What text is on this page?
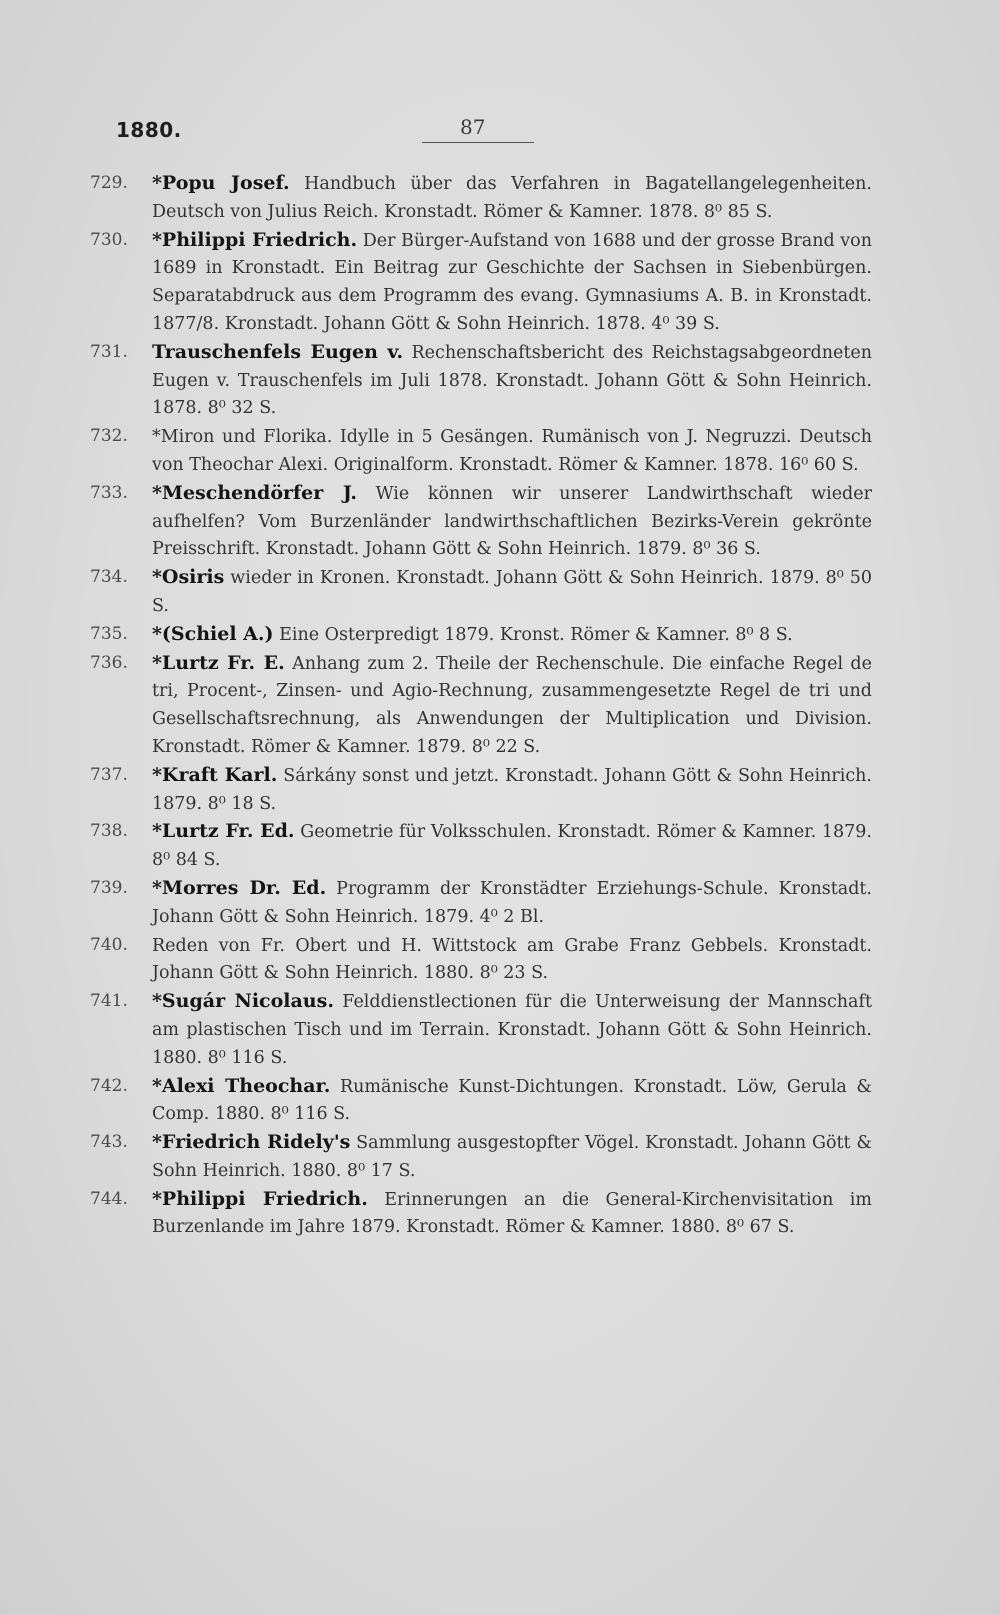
1880.	87
729.	*Popu Josef. Handbuch über das Verfahren in Bagatellangelegenheiten. Deutsch von Julius Reich. Kronstadt. Römer & Kamner. 1878. 8⁰ 85 S.
730.	*Philippi Friedrich. Der Bürger-Aufstand von 1688 und der grosse Brand von 1689 in Kronstadt. Ein Beitrag zur Geschichte der Sachsen in Siebenbürgen. Separatabdruck aus dem Programm des evang. Gymnasiums A. B. in Kronstadt. 1877/8. Kronstadt. Johann Gött & Sohn Heinrich. 1878. 4⁰ 39 S.
731.	Trauschenfels Eugen v. Rechenschaftsbericht des Reichstagsabgeordneten Eugen v. Trauschenfels im Juli 1878. Kronstadt. Johann Gött & Sohn Heinrich. 1878. 8⁰ 32 S.
732.	*Miron und Florika. Idylle in 5 Gesängen. Rumänisch von J. Negruzzi. Deutsch von Theochar Alexi. Originalform. Kronstadt. Römer & Kamner. 1878. 16⁰ 60 S.
733.	*Meschendörfer J. Wie können wir unserer Landwirthschaft wieder aufhelfen? Vom Burzenländer landwirthschaftlichen Bezirks-Verein gekrönte Preisschrift. Kronstadt. Johann Gött & Sohn Heinrich. 1879. 8⁰ 36 S.
734.	*Osiris wieder in Kronen. Kronstadt. Johann Gött & Sohn Heinrich. 1879. 8⁰ 50 S.
735.	*(Schiel A.) Eine Osterpredigt 1879. Kronst. Römer & Kamner. 8⁰ 8 S.
736.	*Lurtz Fr. E. Anhang zum 2. Theile der Rechenschule. Die einfache Regel de tri, Procent-, Zinsen- und Agio-Rechnung, zusammengesetzte Regel de tri und Gesellschaftsrechnung, als Anwendungen der Multiplication und Division. Kronstadt. Römer & Kamner. 1879. 8⁰ 22 S.
737.	*Kraft Karl. Sárkány sonst und jetzt. Kronstadt. Johann Gött & Sohn Heinrich. 1879. 8⁰ 18 S.
738.	*Lurtz Fr. Ed. Geometrie für Volksschulen. Kronstadt. Römer & Kamner. 1879. 8⁰ 84 S.
739.	*Morres Dr. Ed. Programm der Kronstädter Erziehungs-Schule. Kronstadt. Johann Gött & Sohn Heinrich. 1879. 4⁰ 2 Bl.
740.	Reden von Fr. Obert und H. Wittstock am Grabe Franz Gebbels. Kronstadt. Johann Gött & Sohn Heinrich. 1880. 8⁰ 23 S.
741.	*Sugár Nicolaus. Felddienstlectionen für die Unterweisung der Mannschaft am plastischen Tisch und im Terrain. Kronstadt. Johann Gött & Sohn Heinrich. 1880. 8⁰ 116 S.
742.	*Alexi Theochar. Rumänische Kunst-Dichtungen. Kronstadt. Löw, Gerula & Comp. 1880. 8⁰ 116 S.
743.	*Friedrich Ridely's Sammlung ausgestopfter Vögel. Kronstadt. Johann Gött & Sohn Heinrich. 1880. 8⁰ 17 S.
744.	*Philippi Friedrich. Erinnerungen an die General-Kirchenvisitation im Burzenlande im Jahre 1879. Kronstadt. Römer & Kamner. 1880. 8⁰ 67 S.
